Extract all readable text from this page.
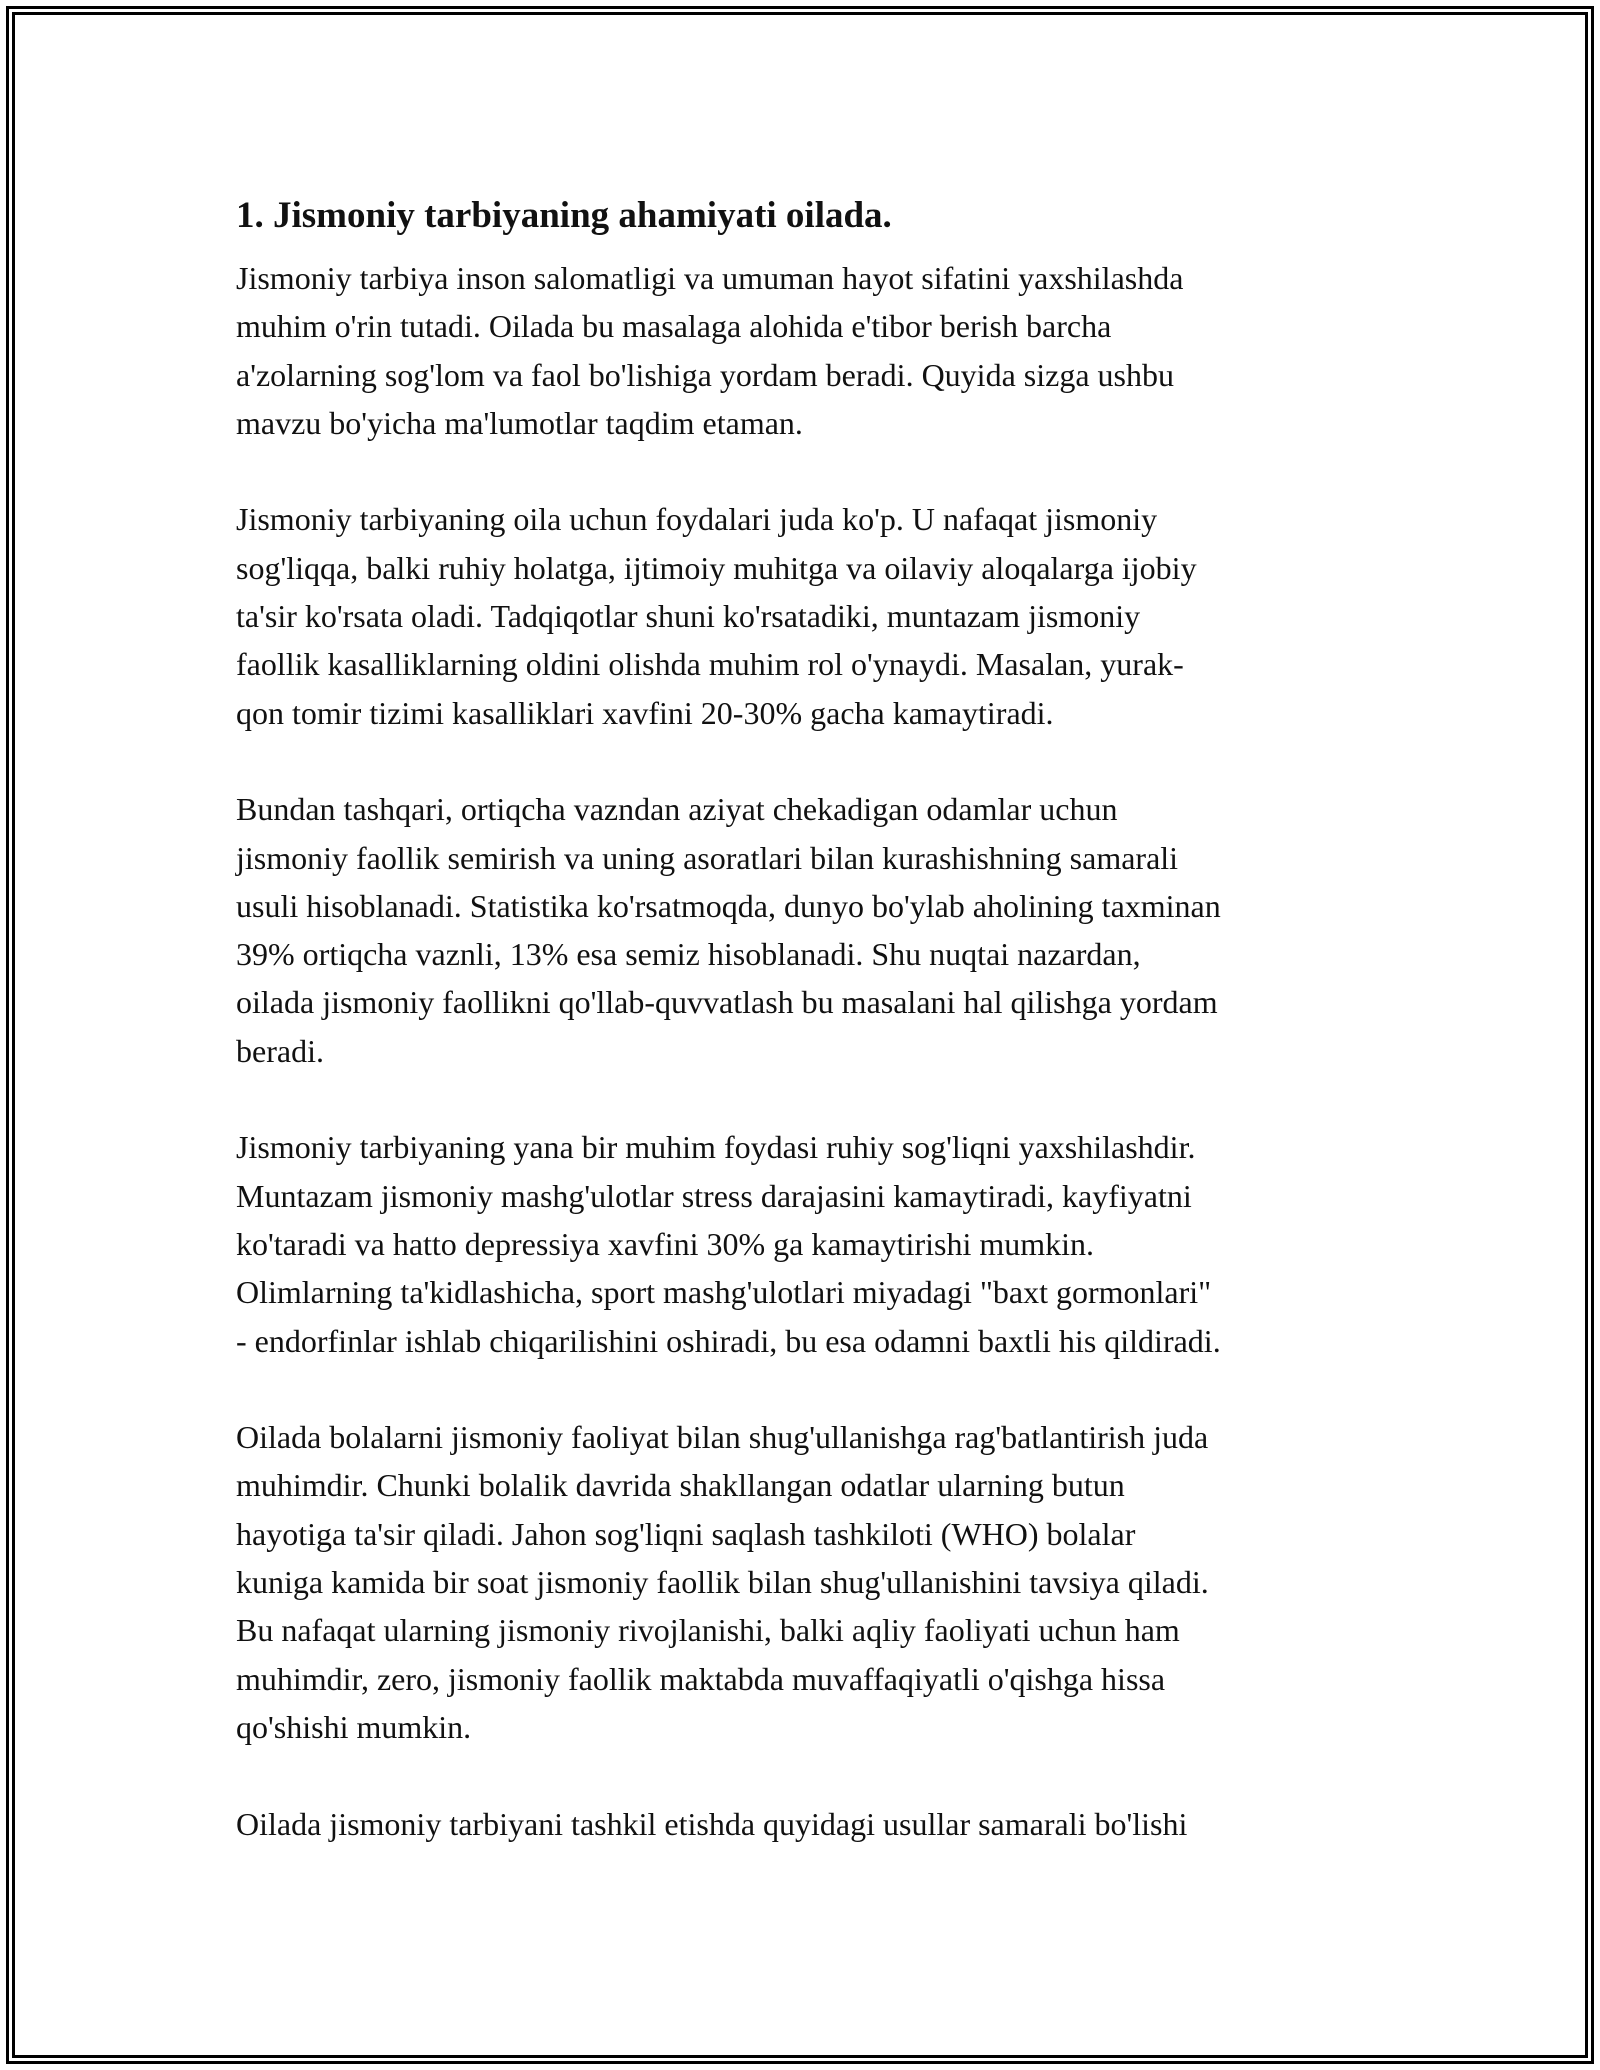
1. Jismoniy tarbiyaning ahamiyati oilada.

Jismoniy tarbiya inson salomatligi va umuman hayot sifatini yaxshilashda
muhim o'rin tutadi. Oilada bu masalaga alohida e'tibor berish barcha
a'zolarning sog'lom va faol bo'lishiga yordam beradi. Quyida sizga ushbu
mavzu bo'yicha ma'lumotlar taqdim etaman.

Jismoniy tarbiyaning oila uchun foydalari juda ko'p. U nafaqat jismoniy
sog'liqqa, balki ruhiy holatga, ijtimoiy muhitga va oilaviy aloqalarga ijobiy
ta'sir ko'rsata oladi. Tadqiqotlar shuni ko'rsatadiki, muntazam jismoniy
faollik kasalliklarning oldini olishda muhim rol o'ynaydi. Masalan, yurak-
qon tomir tizimi kasalliklari xavfini 20-30% gacha kamaytiradi.

Bundan tashqari, ortiqcha vazndan aziyat chekadigan odamlar uchun
jismoniy faollik semirish va uning asoratlari bilan kurashishning samarali
usuli hisoblanadi. Statistika ko'rsatmoqda, dunyo bo'ylab aholining taxminan
39% ortiqcha vaznli, 13% esa semiz hisoblanadi. Shu nuqtai nazardan,
oilada jismoniy faollikni qo'llab-quvvatlash bu masalani hal qilishga yordam
beradi.

Jismoniy tarbiyaning yana bir muhim foydasi ruhiy sog'liqni yaxshilashdir.
Muntazam jismoniy mashg'ulotlar stress darajasini kamaytiradi, kayfiyatni
ko'taradi va hatto depressiya xavfini 30% ga kamaytirishi mumkin.
Olimlarning ta'kidlashicha, sport mashg'ulotlari miyadagi "baxt gormonlari"
- endorfinlar ishlab chiqarilishini oshiradi, bu esa odamni baxtli his qildiradi.

Oilada bolalarni jismoniy faoliyat bilan shug'ullanishga rag'batlantirish juda
muhimdir. Chunki bolalik davrida shakllangan odatlar ularning butun
hayotiga ta'sir qiladi. Jahon sog'liqni saqlash tashkiloti (WHO) bolalar
kuniga kamida bir soat jismoniy faollik bilan shug'ullanishini tavsiya qiladi.
Bu nafaqat ularning jismoniy rivojlanishi, balki aqliy faoliyati uchun ham
muhimdir, zero, jismoniy faollik maktabda muvaffaqiyatli o'qishga hissa
qo'shishi mumkin.

Oilada jismoniy tarbiyani tashkil etishda quyidagi usullar samarali bo'lishi
